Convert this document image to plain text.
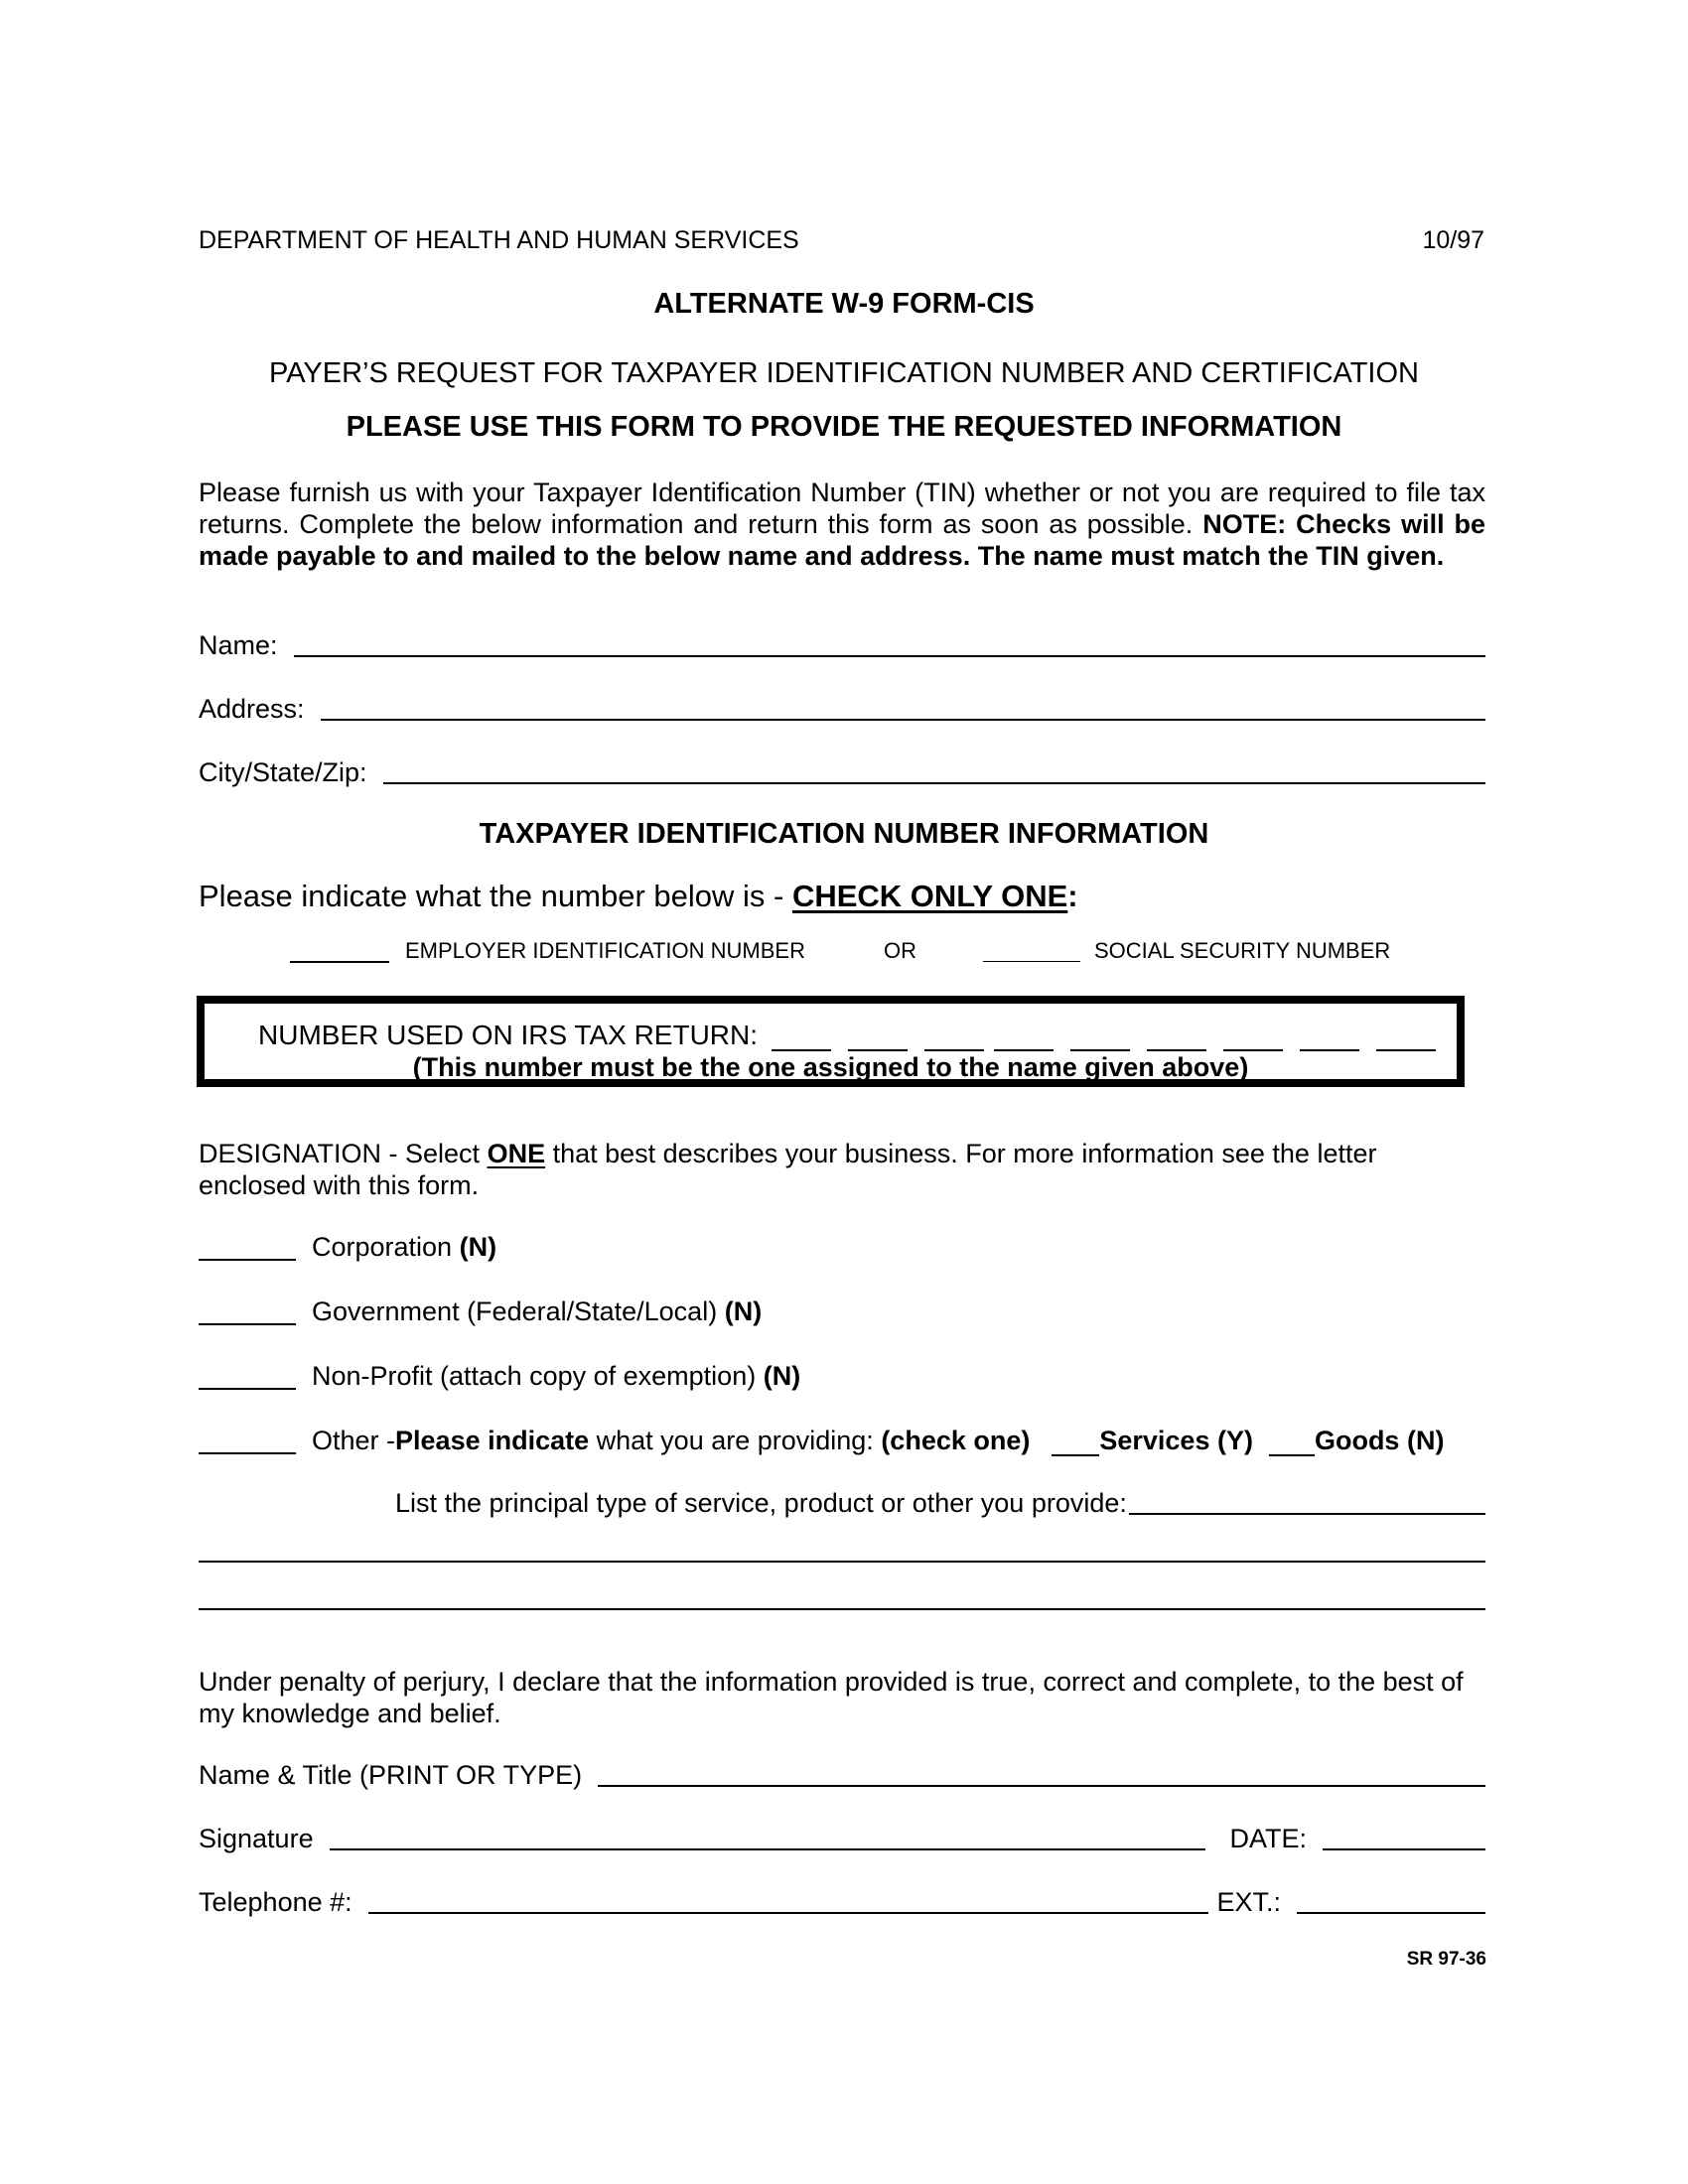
DEPARTMENT OF HEALTH AND HUMAN SERVICES	10/97
ALTERNATE W-9 FORM-CIS
PAYER’S REQUEST FOR TAXPAYER IDENTIFICATION NUMBER AND CERTIFICATION
PLEASE USE THIS FORM TO PROVIDE THE REQUESTED INFORMATION
Please furnish us with your Taxpayer Identification Number (TIN) whether or not you are required to file tax returns. Complete the below information and return this form as soon as possible. NOTE: Checks will be made payable to and mailed to the below name and address. The name must match the TIN given.
Name:
Address:
City/State/Zip:
TAXPAYER IDENTIFICATION NUMBER INFORMATION
Please indicate what the number below is - CHECK ONLY ONE:
EMPLOYER IDENTIFICATION NUMBER	OR	SOCIAL SECURITY NUMBER
NUMBER USED ON IRS TAX RETURN:
(This number must be the one assigned to the name given above)
DESIGNATION - Select ONE that best describes your business. For more information see the letter enclosed with this form.
Corporation (N)
Government (Federal/State/Local) (N)
Non-Profit (attach copy of exemption) (N)
Other - Please indicate what you are providing: (check one)	Services (Y) Goods (N)
List the principal type of service, product or other you provide:
Under penalty of perjury, I declare that the information provided is true, correct and complete, to the best of my knowledge and belief.
Name & Title (PRINT OR TYPE)
Signature	DATE:
Telephone #:	EXT.:
SR 97-36
